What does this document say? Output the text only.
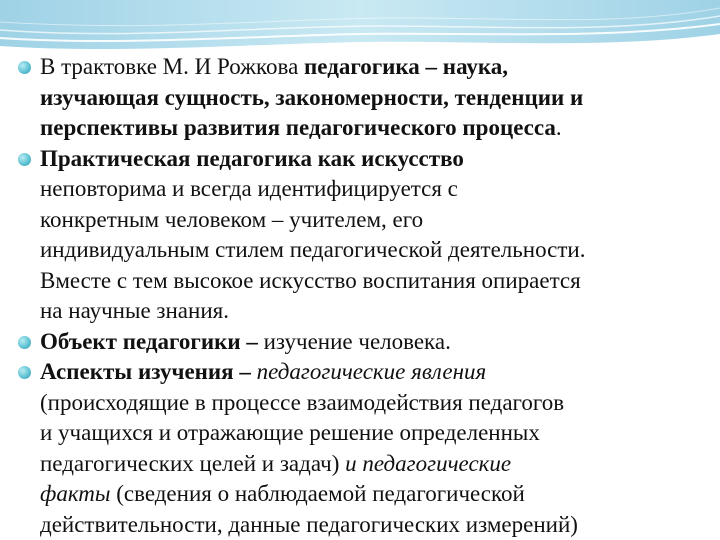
В трактовке М. И Рожкова педагогика – наука,
изучающая сущность, закономерности, тенденции и
перспективы развития педагогического процесса.
Практическая педагогика как искусство
неповторима и всегда идентифицируется с
конкретным человеком – учителем, его
индивидуальным стилем педагогической деятельности.
Вместе с тем высокое искусство воспитания опирается
на научные знания.
Объект педагогики – изучение человека.
Аспекты изучения – педагогические явления
(происходящие в процессе взаимодействия педагогов
и учащихся и отражающие решение определенных
педагогических целей и задач) и педагогические
факты (сведения о наблюдаемой педагогической
действительности, данные педагогических измерений)
